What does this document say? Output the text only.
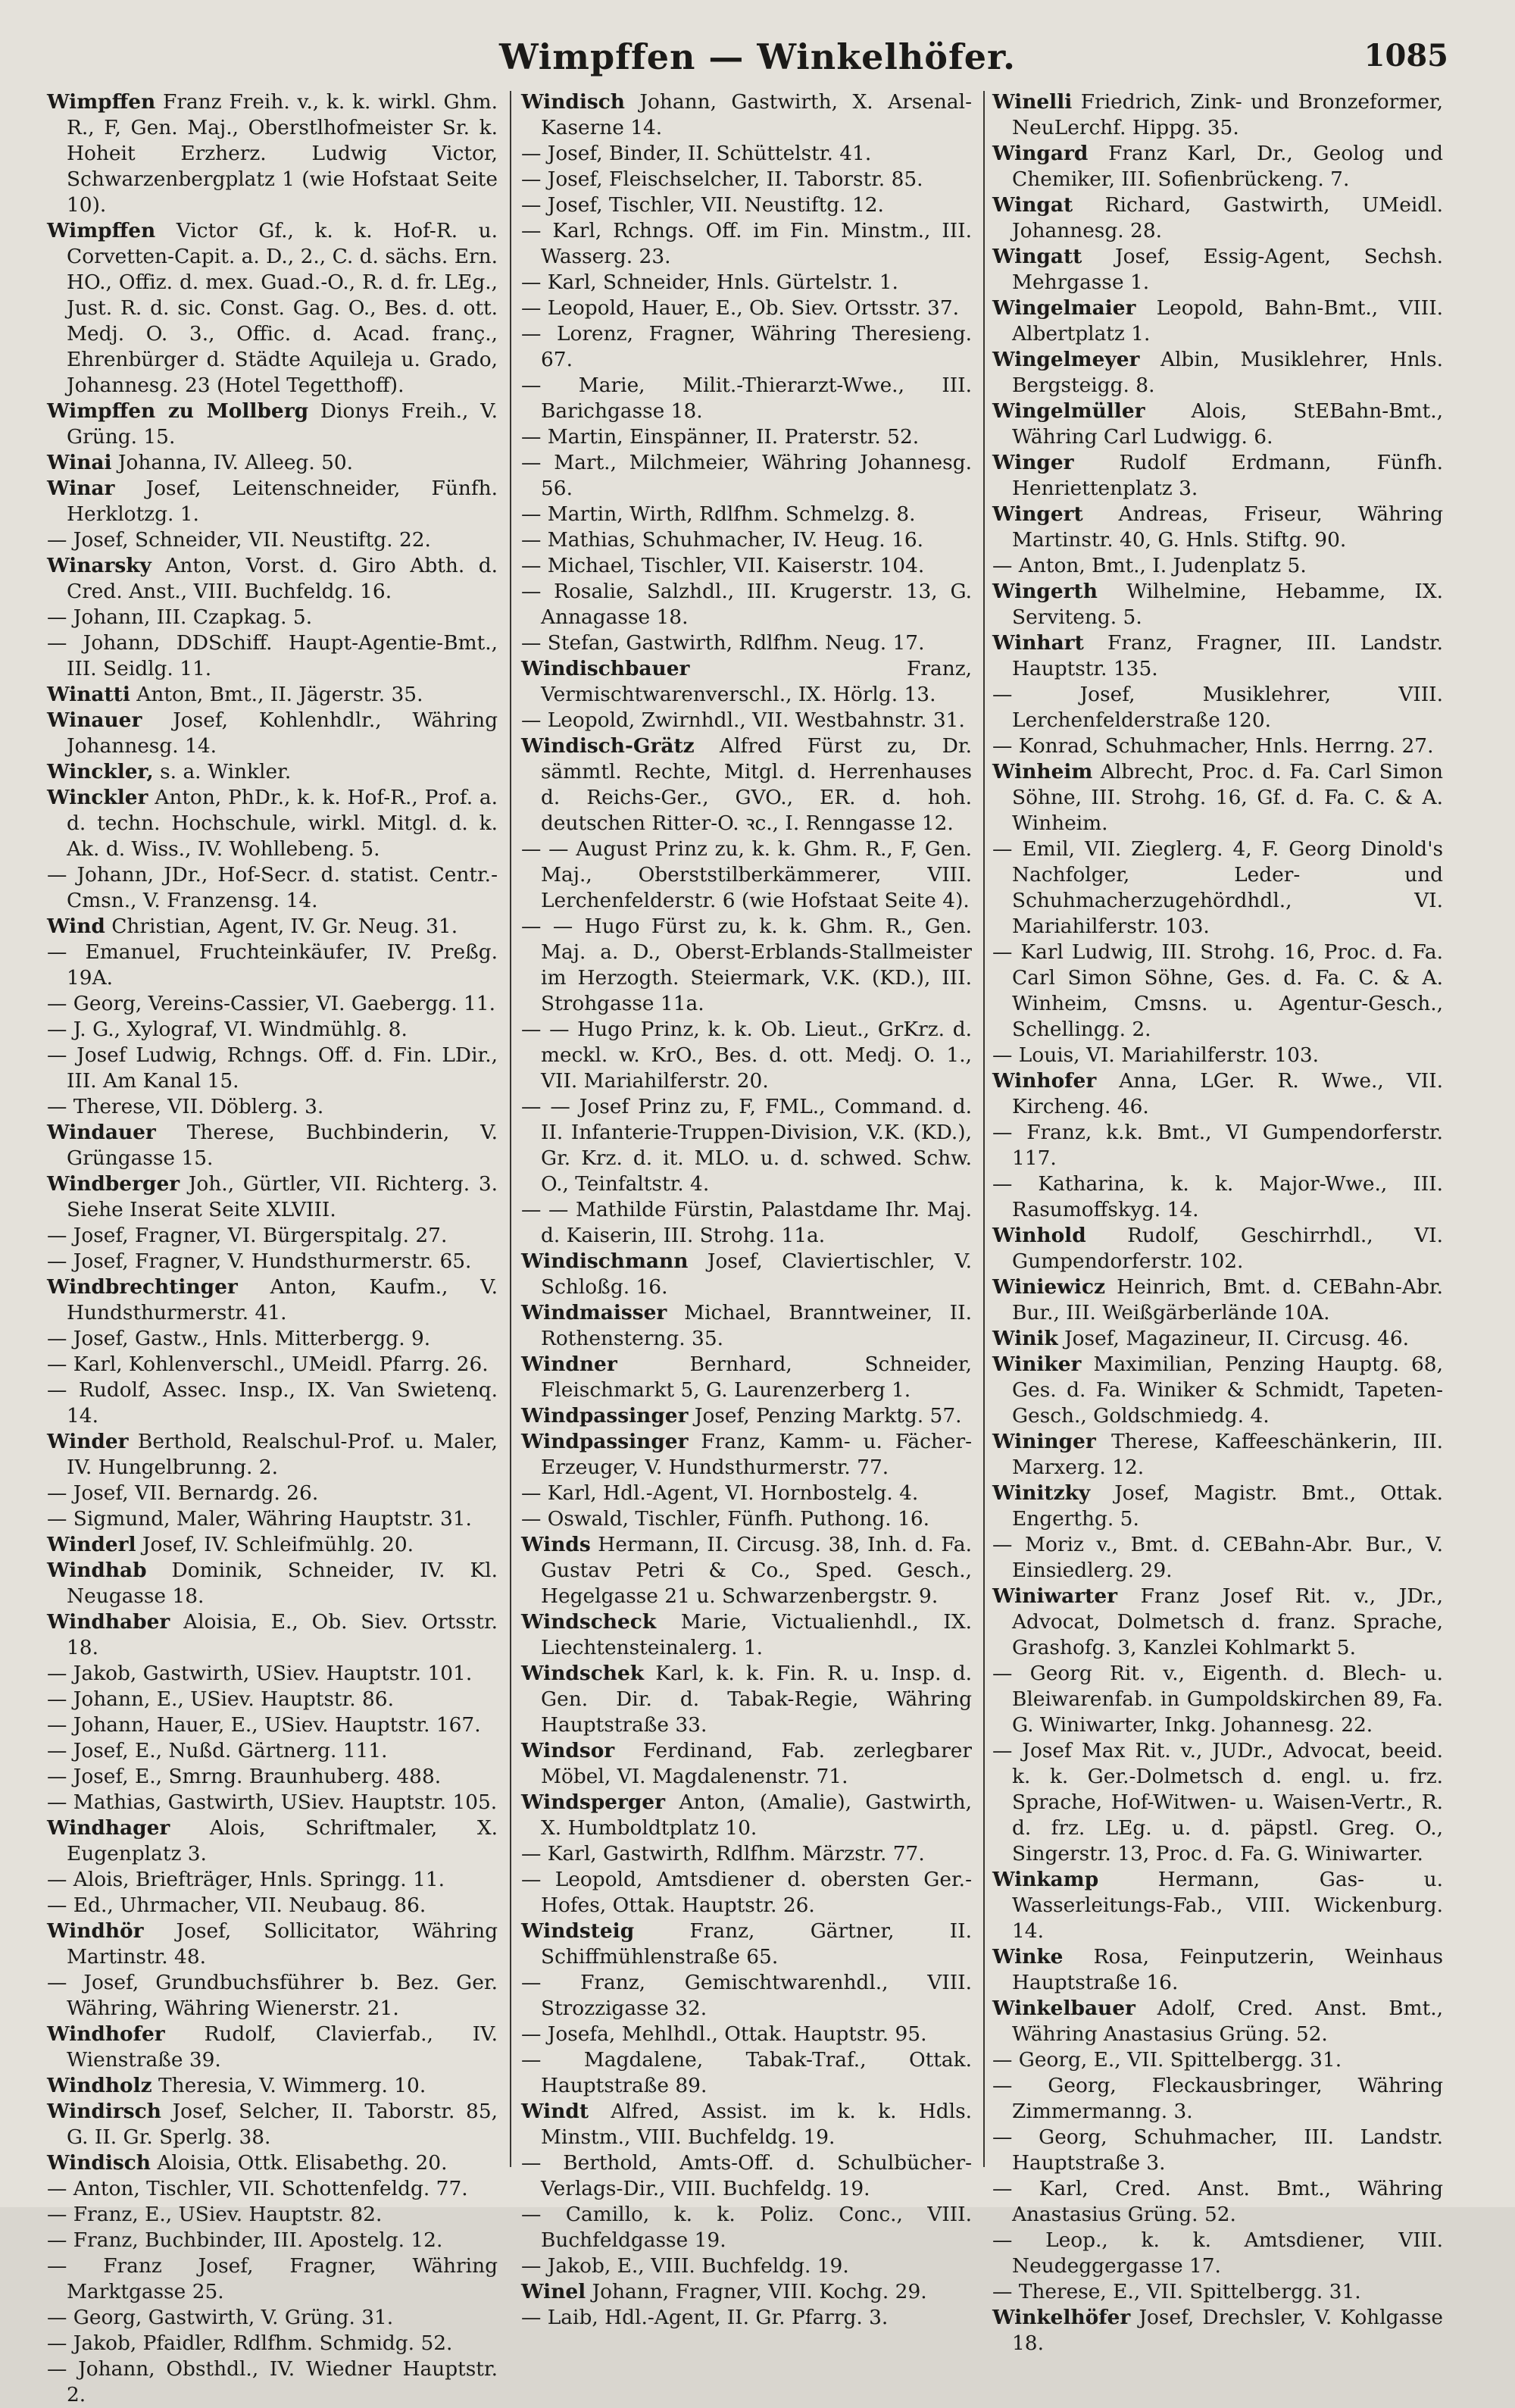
Wimpffen — Winkelhöfer.	1085
Wimpffen Franz Freih. v., k. k. wirkl. Ghm. R., F, Gen. Maj., Oberstlhofmeister Sr. k. Hoheit Erzherz. Ludwig Victor, Schwarzenbergplatz 1 (wie Hofstaat Seite 10).
Wimpffen Victor Gf., k. k. Hof-R. u. Corvetten-Capit. a. D., 2., C. d. sächs. Ern. HO., Offiz. d. mex. Guad.-O., R. d. fr. LEg., Just. R. d. sic. Const. Gag. O., Bes. d. ott. Medj. O. 3., Offic. d. Acad. franç., Ehrenbürger d. Städte Aquileja u. Grado, Johannesg. 23 (Hotel Tegetthoff).
Wimpffen zu Mollberg Dionys Freih., V. Grüng. 15.
Winai Johanna, IV. Alleeg. 50.
Winar Josef, Leitenschneider, Fünfh. Herklotzg. 1.
— Josef, Schneider, VII. Neustiftg. 22.
Winarsky Anton, Vorst. d. Giro Abth. d. Cred. Anst., VIII. Buchfeldg. 16.
— Johann, III. Czapkag. 5.
— Johann, DDSchiff. Haupt-Agentie-Bmt., III. Seidlg. 11.
Winatti Anton, Bmt., II. Jägerstr. 35.
Winauer Josef, Kohlenhdlr., Währing Johannesg. 14.
Winckler, s. a. Winkler.
Winckler Anton, PhDr., k. k. Hof-R., Prof. a. d. techn. Hochschule, wirkl. Mitgl. d. k. Ak. d. Wiss., IV. Wohllebeng. 5.
— Johann, JDr., Hof-Secr. d. statist. Centr.-Cmsn., V. Franzensg. 14.
Wind Christian, Agent, IV. Gr. Neug. 31.
— Emanuel, Fruchteinkäufer, IV. Preßg. 19A.
— Georg, Vereins-Cassier, VI. Gaebergg. 11.
— J. G., Xylograf, VI. Windmühlg. 8.
— Josef Ludwig, Rchngs. Off. d. Fin. LDir., III. Am Kanal 15.
— Therese, VII. Döblerg. 3.
Windauer Therese, Buchbinderin, V. Grüngasse 15.
Windberger Joh., Gürtler, VII. Richterg. 3. Siehe Inserat Seite XLVIII.
— Josef, Fragner, VI. Bürgerspitalg. 27.
— Josef, Fragner, V. Hundsthurmerstr. 65.
Windbrechtinger Anton, Kaufm., V. Hundsthurmerstr. 41.
— Josef, Gastw., Hnls. Mitterbergg. 9.
— Karl, Kohlenverschl., UMeidl. Pfarrg. 26.
— Rudolf, Assec. Insp., IX. Van Swietenq. 14.
Winder Berthold, Realschul-Prof. u. Maler, IV. Hungelbrunng. 2.
— Josef, VII. Bernardg. 26.
— Sigmund, Maler, Währing Hauptstr. 31.
Winderl Josef, IV. Schleifmühlg. 20.
Windhab Dominik, Schneider, IV. Kl. Neugasse 18.
Windhaber Aloisia, E., Ob. Siev. Ortsstr. 18.
— Jakob, Gastwirth, USiev. Hauptstr. 101.
— Johann, E., USiev. Hauptstr. 86.
— Johann, Hauer, E., USiev. Hauptstr. 167.
— Josef, E., Nußd. Gärtnerg. 111.
— Josef, E., Smrng. Braunhuberg. 488.
— Mathias, Gastwirth, USiev. Hauptstr. 105.
Windhager Alois, Schriftmaler, X. Eugenplatz 3.
— Alois, Briefträger, Hnls. Springg. 11.
— Ed., Uhrmacher, VII. Neubaug. 86.
Windhör Josef, Sollicitator, Währing Martinstr. 48.
— Josef, Grundbuchsführer b. Bez. Ger. Währing, Währing Wienerstr. 21.
Windhofer Rudolf, Clavierfab., IV. Wienstraße 39.
Windholz Theresia, V. Wimmerg. 10.
Windirsch Josef, Selcher, II. Taborstr. 85, G. II. Gr. Sperlg. 38.
Windisch Aloisia, Ottk. Elisabethg. 20.
— Anton, Tischler, VII. Schottenfeldg. 77.
— Franz, E., USiev. Hauptstr. 82.
— Franz, Buchbinder, III. Apostelg. 12.
— Franz Josef, Fragner, Währing Marktgasse 25.
— Georg, Gastwirth, V. Grüng. 31.
— Jakob, Pfaidler, Rdlfhm. Schmidg. 52.
— Johann, Obsthdl., IV. Wiedner Hauptstr. 2.
Windisch Johann, Gastwirth, X. Arsenal-Kaserne 14.
— Josef, Binder, II. Schüttelstr. 41.
— Josef, Fleischselcher, II. Taborstr. 85.
— Josef, Tischler, VII. Neustiftg. 12.
— Karl, Rchngs. Off. im Fin. Minstm., III. Wasserg. 23.
— Karl, Schneider, Hnls. Gürtelstr. 1.
— Leopold, Hauer, E., Ob. Siev. Ortsstr. 37.
— Lorenz, Fragner, Währing Theresieng. 67.
— Marie, Milit.-Thierarzt-Wwe., III. Barichgasse 18.
— Martin, Einspänner, II. Praterstr. 52.
— Mart., Milchmeier, Währing Johannesg. 56.
— Martin, Wirth, Rdlfhm. Schmelzg. 8.
— Mathias, Schuhmacher, IV. Heug. 16.
— Michael, Tischler, VII. Kaiserstr. 104.
— Rosalie, Salzhdl., III. Krugerstr. 13, G. Annagasse 18.
— Stefan, Gastwirth, Rdlfhm. Neug. 17.
Windischbauer	Franz, Vermischtwarenverschl., IX. Hörlg. 13.
— Leopold, Zwirnhdl., VII. Westbahnstr. 31.
Windisch-Grätz Alfred Fürst zu, Dr. sämmtl. Rechte, Mitgl. d. Herrenhauses d. Reichs-Ger., GVO., ER. d. hoh. deutschen Ritter-O. ꝛc., I. Renngasse 12.
— — August Prinz zu, k. k. Ghm. R., F, Gen. Maj., Oberststilberkämmerer, VIII. Lerchenfelderstr. 6 (wie Hofstaat Seite 4).
— — Hugo Fürst zu, k. k. Ghm. R., Gen. Maj. a. D., Oberst-Erblands-Stallmeister im Herzogth. Steiermark, V.K. (KD.), III. Strohgasse 11a.
— — Hugo Prinz, k. k. Ob. Lieut., GrKrz. d. meckl. w. KrO., Bes. d. ott. Medj. O. 1., VII. Mariahilferstr. 20.
— — Josef Prinz zu, F, FML., Command. d. II. Infanterie-Truppen-Division, V.K. (KD.), Gr. Krz. d. it. MLO. u. d. schwed. Schw. O., Teinfaltstr. 4.
— — Mathilde Fürstin, Palastdame Ihr. Maj. d. Kaiserin, III. Strohg. 11a.
Windischmann Josef, Claviertischler, V. Schloßg. 16.
Windmaisser Michael, Branntweiner, II. Rothensterng. 35.
Windner	Bernhard, Schneider, Fleischmarkt 5, G. Laurenzerberg 1.
Windpassinger Josef, Penzing Marktg. 57.
Windpassinger Franz, Kamm- u. Fächer-Erzeuger, V. Hundsthurmerstr. 77.
— Karl, Hdl.-Agent, VI. Hornbostelg. 4.
— Oswald, Tischler, Fünfh. Puthong. 16.
Winds Hermann, II. Circusg. 38, Inh. d. Fa. Gustav Petri & Co., Sped. Gesch., Hegelgasse 21 u. Schwarzenbergstr. 9.
Windscheck Marie, Victualienhdl., IX. Liechtensteinalerg. 1.
Windschek Karl, k. k. Fin. R. u. Insp. d. Gen. Dir. d. Tabak-Regie, Währing Hauptstraße 33.
Windsor Ferdinand, Fab. zerlegbarer Möbel, VI. Magdalenenstr. 71.
Windsperger Anton, (Amalie), Gastwirth, X. Humboldtplatz 10.
— Karl, Gastwirth, Rdlfhm. Märzstr. 77.
— Leopold, Amtsdiener d. obersten Ger.-Hofes, Ottak. Hauptstr. 26.
Windsteig	Franz, Gärtner, II. Schiffmühlenstraße 65.
— Franz, Gemischtwarenhdl., VIII. Strozzigasse 32.
— Josefa, Mehlhdl., Ottak. Hauptstr. 95.
— Magdalene, Tabak-Traf., Ottak. Hauptstraße 89.
Windt Alfred, Assist. im k. k. Hdls. Minstm., VIII. Buchfeldg. 19.
— Berthold, Amts-Off. d. Schulbücher-Verlags-Dir., VIII. Buchfeldg. 19.
— Camillo, k. k. Poliz. Conc., VIII. Buchfeldgasse 19.
— Jakob, E., VIII. Buchfeldg. 19.
Winel Johann, Fragner, VIII. Kochg. 29.
— Laib, Hdl.-Agent, II. Gr. Pfarrg. 3.
Winelli Friedrich, Zink- und Bronzeformer, NeuLerchf. Hippg. 35.
Wingard Franz Karl, Dr., Geolog und Chemiker, III. Sofienbrückeng. 7.
Wingat Richard, Gastwirth, UMeidl. Johannesg. 28.
Wingatt Josef, Essig-Agent, Sechsh. Mehrgasse 1.
Wingelmaier Leopold, Bahn-Bmt., VIII. Albertplatz 1.
Wingelmeyer Albin, Musiklehrer, Hnls. Bergsteigg. 8.
Wingelmüller Alois, StEBahn-Bmt., Währing Carl Ludwigg. 6.
Winger Rudolf Erdmann, Fünfh. Henriettenplatz 3.
Wingert Andreas, Friseur, Währing Martinstr. 40, G. Hnls. Stiftg. 90.
— Anton, Bmt., I. Judenplatz 5.
Wingerth Wilhelmine, Hebamme, IX. Serviteng. 5.
Winhart Franz, Fragner, III. Landstr. Hauptstr. 135.
— Josef, Musiklehrer, VIII. Lerchenfelderstraße 120.
— Konrad, Schuhmacher, Hnls. Herrng. 27.
Winheim Albrecht, Proc. d. Fa. Carl Simon Söhne, III. Strohg. 16, Gf. d. Fa. C. & A. Winheim.
— Emil, VII. Zieglerg. 4, F. Georg Dinold's Nachfolger, Leder- und Schuhmacherzugehördhdl., VI. Mariahilferstr. 103.
— Karl Ludwig, III. Strohg. 16, Proc. d. Fa. Carl Simon Söhne, Ges. d. Fa. C. & A. Winheim, Cmsns. u. Agentur-Gesch., Schellingg. 2.
— Louis, VI. Mariahilferstr. 103.
Winhofer Anna, LGer. R. Wwe., VII. Kircheng. 46.
— Franz, k.k. Bmt., VI Gumpendorferstr. 117.
— Katharina, k. k. Major-Wwe., III. Rasumoffskyg. 14.
Winhold Rudolf, Geschirrhdl., VI. Gumpendorferstr. 102.
Winiewicz Heinrich, Bmt. d. CEBahn-Abr. Bur., III. Weißgärberlände 10A.
Winik Josef, Magazineur, II. Circusg. 46.
Winiker Maximilian, Penzing Hauptg. 68, Ges. d. Fa. Winiker & Schmidt, Tapeten-Gesch., Goldschmiedg. 4.
Wininger Therese, Kaffeeschänkerin, III. Marxerg. 12.
Winitzky Josef, Magistr. Bmt., Ottak. Engerthg. 5.
— Moriz v., Bmt. d. CEBahn-Abr. Bur., V. Einsiedlerg. 29.
Winiwarter Franz Josef Rit. v., JDr., Advocat, Dolmetsch d. franz. Sprache, Grashofg. 3, Kanzlei Kohlmarkt 5.
— Georg Rit. v., Eigenth. d. Blech- u. Bleiwarenfab. in Gumpoldskirchen 89, Fa. G. Winiwarter, Inkg. Johannesg. 22.
— Josef Max Rit. v., JUDr., Advocat, beeid. k. k. Ger.-Dolmetsch d. engl. u. frz. Sprache, Hof-Witwen- u. Waisen-Vertr., R. d. frz. LEg. u. d. päpstl. Greg. O., Singerstr. 13, Proc. d. Fa. G. Winiwarter.
Winkamp	Hermann, Gas- u. Wasserleitungs-Fab., VIII. Wickenburg. 14.
Winke Rosa, Feinputzerin, Weinhaus Hauptstraße 16.
Winkelbauer Adolf, Cred. Anst. Bmt., Währing Anastasius Grüng. 52.
— Georg, E., VII. Spittelbergg. 31.
— Georg, Fleckausbringer, Währing Zimmermanng. 3.
— Georg, Schuhmacher, III. Landstr. Hauptstraße 3.
— Karl, Cred. Anst. Bmt., Währing Anastasius Grüng. 52.
— Leop., k. k. Amtsdiener, VIII. Neudeggergasse 17.
— Therese, E., VII. Spittelbergg. 31.
Winkelhöfer Josef, Drechsler, V. Kohlgasse 18.
